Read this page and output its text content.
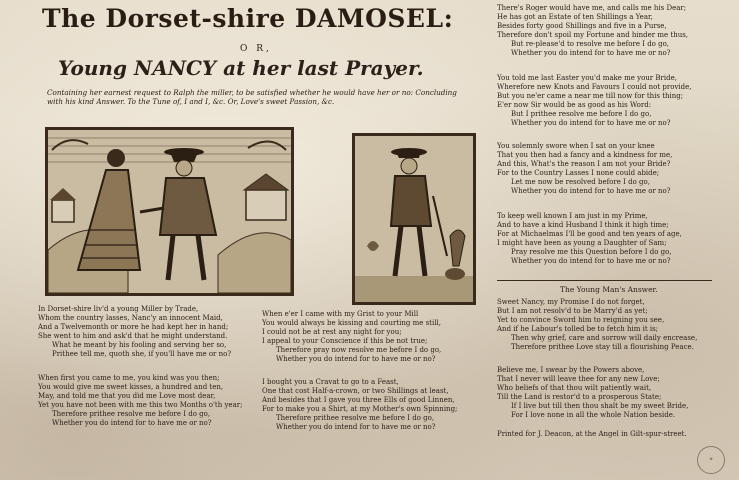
The Dorset-shire DAMOSEL:
O R,
Young NANCY at her last Prayer.
Containing her earnest request to Ralph the miller, to be satisfied whether he would have her or no: Concluding
with his kind Answer. To the Tune of, I and I, &c. Or, Love's sweet Passion, &c.
In Dorset-shire liv'd a young Miller by Trade,
Whom the country lasses, Nanc'y an innocent Maid,
And a Twelvemonth or more he had kept her in hand;
She went to him and ask'd that he might understand.
What he meant by his fooling and serving her so,
Prithee tell me, quoth she, if you'll have me or no?
When first you came to me, you kind was you then;
You would give me sweet kisses, a hundred and ten,
May, and told me that you did me Love most dear,
Yet you have not been with me this two Months o'th year;
Therefore prithee resolve me before I do go,
Whether you do intend for to have me or no?
When e'er I came with my Grist to your Mill
You would always be kissing and courting me still,
I could not be at rest any night for you;
I appeal to your Conscience if this be not true;
Therefore pray now resolve me before I do go,
Whether you do intend for to have me or no?
I bought you a Cravat to go to a Feast,
One that cost Half-a-crown, or two Shillings at least,
And besides that I gave you three Ells of good Linnen,
For to make you a Shirt, at my Mother's own Spinning;
Therefore prithee resolve me before I do go,
Whether you do intend for to have me or no?
There's Roger would have me, and calls me his Dear;
He has got an Estate of ten Shillings a Year,
Besides forty good Shillings and five in a Purse,
Therefore don't spoil my Fortune and hinder me thus,
But re-please'd to resolve me before I do go,
Whether you do intend for to have me or no?
You told me last Easter you'd make me your Bride,
Wherefore new Knots and Favours I could not provide,
But you ne'er came a near me till now for this thing;
E'er now Sir would be as good as his Word:
But I prithee resolve me before I do go,
Whether you do intend for to have me or no?
You solemnly swore when I sat on your knee
That you then had a fancy and a kindness for me,
And this, What's the reason I am not your Bride?
For to the Country Lasses I none could abide;
Let me now be resolved before I do go,
Whether you do intend for to have me or no?
To keep well known I am just in my Prime,
And to have a kind Husband I think it high time;
For at Michaelmas I'll be good and ten years of age,
I might have been as young a Daughter of Sam;
Pray resolve me this Question before I do go,
Whether you do intend for to have me or no?
The Young Man's Answer.
Sweet Nancy, my Promise I do not forget,
But I am not resolv'd to be Marry'd as yet;
Yet to convince Sword him to reigning you see,
And if he Labour's tolled be to fetch him it is;
Then why grief, care and sorrow will daily encrease,
Therefore prithee Love stay till a flourishing Peace.
Believe me, I swear by the Powers above,
That I never will leave thee for any new Love;
Who beliefs of that thou wilt patiently wait,
Till the Land is restor'd to a prosperous State;
If I live but till then thou shalt be my sweet Bride,
For I love none in all the whole Nation beside.
Printed for J. Deacon, at the Angel in Gilt-spur-street.
✦
